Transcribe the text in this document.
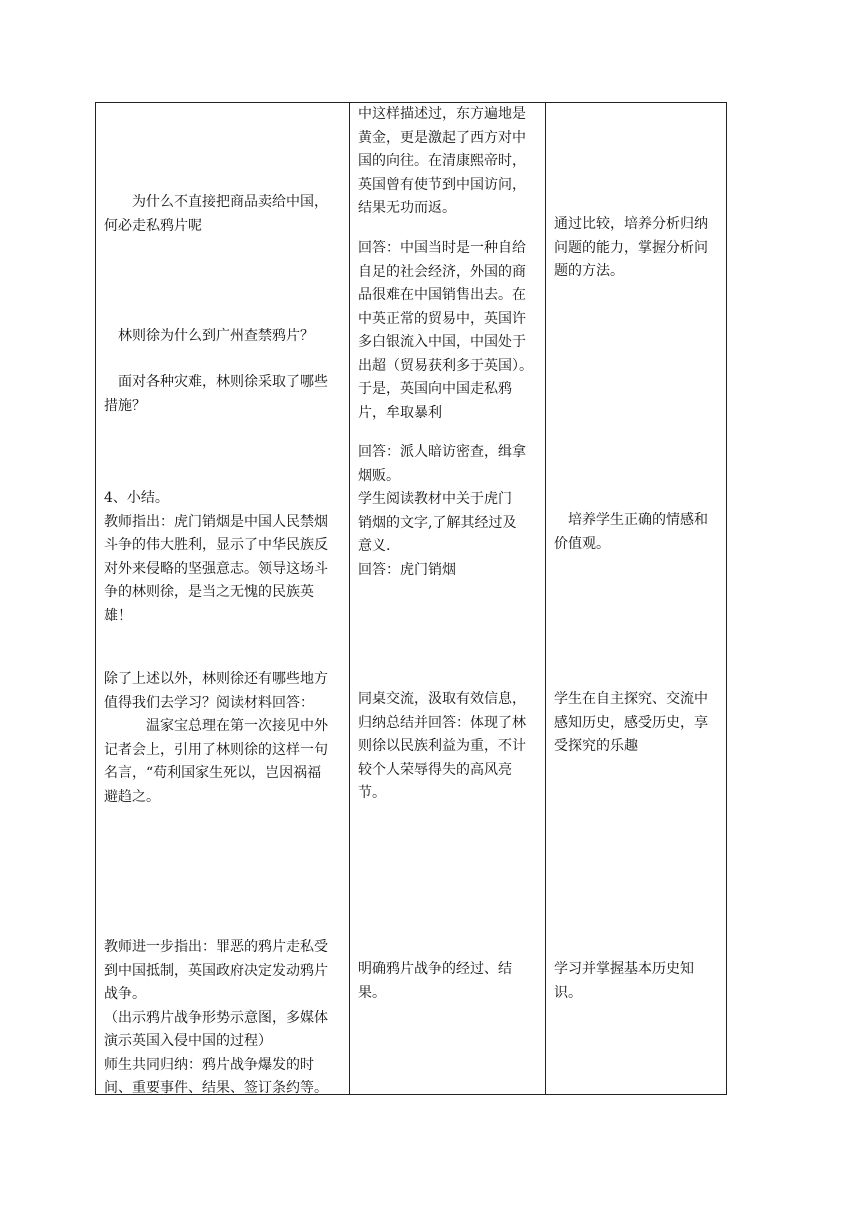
　　为什么不直接把商品卖给中国，
何必走私鸦片呢

　林则徐为什么到广州查禁鸦片？

　面对各种灾难，林则徐采取了哪些
措施？

4、小结。
教师指出：虎门销烟是中国人民禁烟
斗争的伟大胜利，显示了中华民族反
对外来侵略的坚强意志。领导这场斗
争的林则徐，是当之无愧的民族英
雄！

除了上述以外，林则徐还有哪些地方
值得我们去学习？阅读材料回答：
　　　温家宝总理在第一次接见中外
记者会上，引用了林则徐的这样一句
名言，“苟利国家生死以，岂因祸福
避趋之。

教师进一步指出：罪恶的鸦片走私受
到中国抵制，英国政府决定发动鸦片
战争。
（出示鸦片战争形势示意图，多媒体
演示英国入侵中国的过程）
师生共同归纳：鸦片战争爆发的时
间、重要事件、结果、签订条约等。

中这样描述过，东方遍地是
黄金，更是激起了西方对中
国的向往。在清康熙帝时，
英国曾有使节到中国访问，
结果无功而返。

回答：中国当时是一种自给
自足的社会经济，外国的商
品很难在中国销售出去。在
中英正常的贸易中，英国许
多白银流入中国，中国处于
出超（贸易获利多于英国）。
于是，英国向中国走私鸦
片，牟取暴利

回答：派人暗访密查，缉拿
烟贩。
学生阅读教材中关于虎门
销烟的文字,了解其经过及
意义.
回答：虎门销烟

同桌交流，汲取有效信息，
归纳总结并回答：体现了林
则徐以民族利益为重，不计
较个人荣辱得失的高风亮
节。

明确鸦片战争的经过、结
果。

通过比较，培养分析归纳
问题的能力，掌握分析问
题的方法。

　培养学生正确的情感和
价值观。

学生在自主探究、交流中
感知历史，感受历史，享
受探究的乐趣

学习并掌握基本历史知
识。
